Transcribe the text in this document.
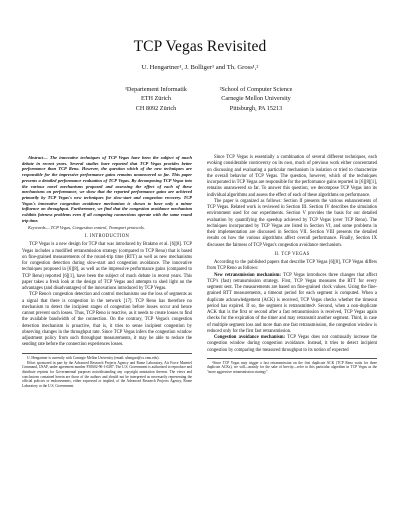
TCP Vegas Revisited
U. Hengartner¹, J. Bolliger¹ and Th. Gross¹,²
¹Departement Informatik
ETH Zürich
CH 8092 Zürich
²School of Computer Science
Carnegie Mellon University
Pittsburgh, PA 15213

Abstract— The innovative techniques of TCP Vegas have been the subject of much debate in recent years. Several studies have reported that TCP Vegas provides better performance than TCP Reno. However, the question which of the new techniques are responsible for the impressive performance gains remains unanswered so far. This paper presents a detailed performance evaluation of TCP Vegas. By decomposing TCP Vegas into the various novel mechanisms proposed and assessing the effect of each of these mechanisms on performance, we show that the reported performance gains are achieved primarily by TCP Vegas's new techniques for slow-start and congestion recovery. TCP Vegas's innovative congestion avoidance mechanism is shown to have only a minor influence on throughput. Furthermore, we find that the congestion avoidance mechanism exhibits fairness problems even if all competing connections operate with the same round trip time.

Keywords— TCP Vegas, Congestion control, Transport protocols.

I. INTRODUCTION

TCP Vegas is a new design for TCP that was introduced by Brakmo et al. [6][8]. TCP Vegas includes a modified retransmission strategy (compared to TCP Reno) that is based on fine-grained measurements of the round-trip time (RTT) as well as new mechanisms for congestion detection during slow-start and congestion avoidance. The innovative techniques proposed in [6][8], as well as the impressive performance gains (compared to TCP Reno) reported [6][1], have been the subject of much debate in recent years. This paper takes a fresh look at the design of TCP Vegas and attempts to shed light on the advantages (and disadvantages) of the innovations introduced by TCP Vegas.

TCP Reno's congestion detection and control mechanisms use the loss of segments as a signal that there is congestion in the network [17]. TCP Reno has therefore no mechanism to detect the incipient stages of congestion before losses occur and hence cannot prevent such losses. Thus, TCP Reno is reactive, as it needs to create losses to find the available bandwidth of the connection. On the contrary, TCP Vegas's congestion detection mechanism is proactive, that is, it tries to sense incipient congestion by observing changes in the throughput rate. Since TCP Vegas infers the congestion window adjustment policy from such throughput measurements, it may be able to reduce the sending rate before the connection experiences losses.

U. Hengartner is currently with Carnegie Mellon University (email: uhengart@cs.cmu.edu).

Effort sponsored in part by the Advanced Research Projects Agency and Rome Laboratory, Air Force Materiel Command, USAF, under agreement number F30602-96-1-0287. The U.S. Government is authorized to reproduce and distribute reprints for Governmental purposes notwithstanding any copyright annotation thereon. The views and conclusions contained herein are those of the authors and should not be interpreted as necessarily representing the official policies or endorsements, either expressed or implied, of the Advanced Research Projects Agency, Rome Laboratory or the U.S. Government.

Since TCP Vegas is essentially a combination of several different techniques, each evoking considerable controversy on its own, much of previous work either concentrated on discussing and evaluating a particular mechanism in isolation or tried to characterize the overall behavior of TCP Vegas. The question, however, which of the techniques incorporated in TCP Vegas are responsible for the performance gains reported in [6][8][1], remains unanswered so far. To answer this question, we decompose TCP Vegas into its individual algorithms and assess the effect of each of these algorithms on performance.

The paper is organized as follows: Section II presents the various enhancements of TCP Vegas. Related work is reviewed in Section III. Section IV describes the simulation environment used for our experiments. Section V provides the basis for our detailed evaluation by quantifying the speedup achieved by TCP Vegas (over TCP Reno). The techniques incorporated by TCP Vegas are listed in Section VI, and some problems in their implementation are discussed in Section VII. Section VIII presents the detailed results on how the various algorithms affect overall performance. Finally, Section IX discusses the fairness of TCP Vegas's congestion avoidance mechanism.

II. TCP VEGAS

According to the published papers that describe TCP Vegas [6][8], TCP Vegas differs from TCP Reno as follows:

New retransmission mechanism: TCP Vegas introduces three changes that affect TCP's (fast) retransmission strategy. First, TCP Vegas measures the RTT for every segment sent. The measurements are based on fine-grained clock values. Using the fine-grained RTT measurements, a timeout period for each segment is computed. When a duplicate acknowledgement (ACK) is received, TCP Vegas checks whether the timeout period has expired. If so, the segment is retransmitted¹. Second, when a non-duplicate ACK that is the first or second after a fast retransmission is received, TCP Vegas again checks for the expiration of the timer and may retransmit another segment. Third, in case of multiple segment loss and more than one fast retransmission, the congestion window is reduced only for the first fast retransmission.

Congestion avoidance mechanism: TCP Vegas does not continually increase the congestion window during congestion avoidance. Instead, it tries to detect incipient congestion by comparing the measured throughput to its notion of expected

¹Since TCP Vegas may trigger a fast retransmission on the first duplicate ACK (TCP Reno waits for three duplicate ACKs), we will—mainly for the sake of brevity—refer to this particular algorithm in TCP Vegas as the "more aggressive retransmission strategy".
